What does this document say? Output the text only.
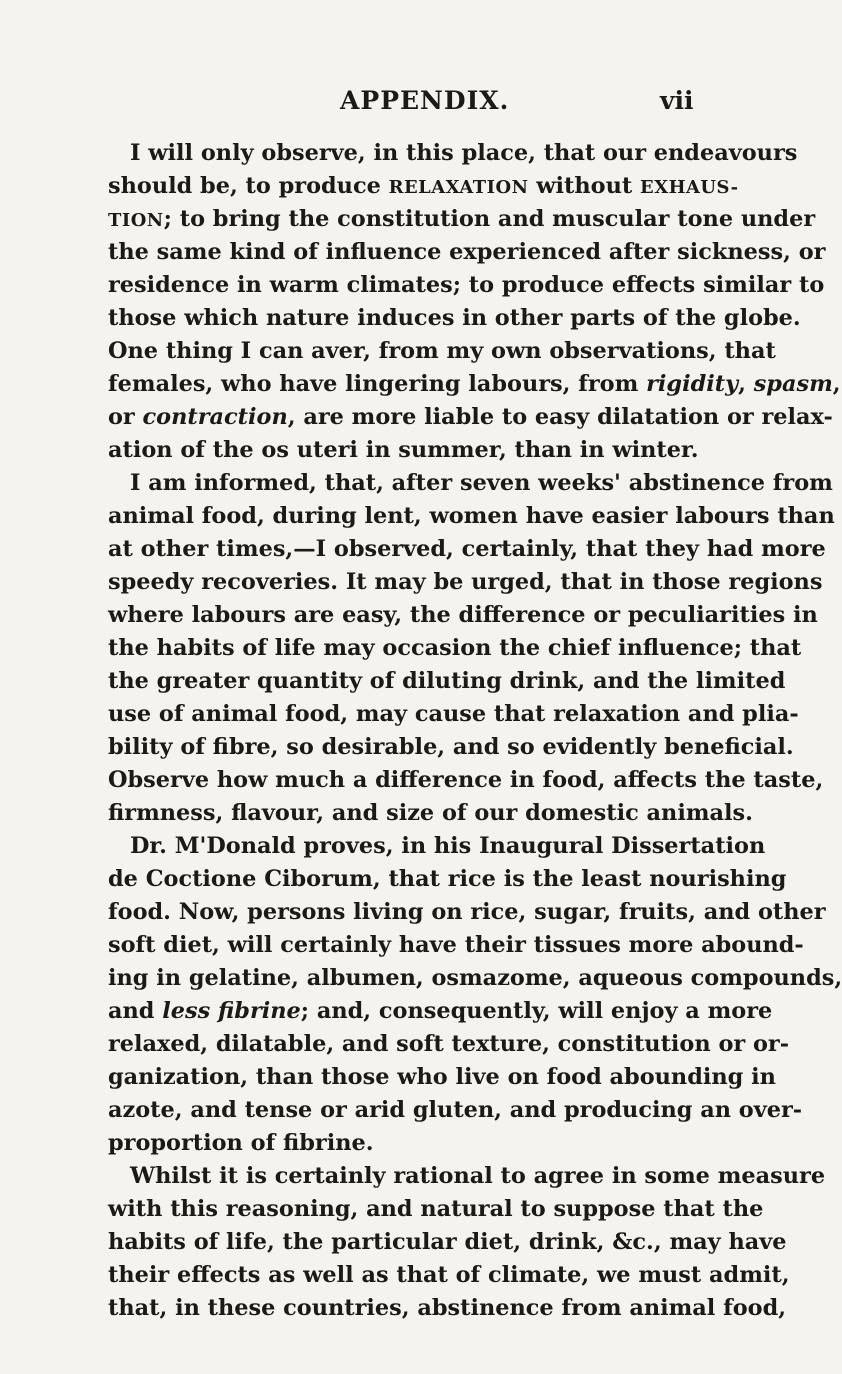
APPENDIX.	vii
I will only observe, in this place, that our endeavours
should be, to produce RELAXATION without EXHAUS-
TION; to bring the constitution and muscular tone under
the same kind of influence experienced after sickness, or
residence in warm climates; to produce effects similar to
those which nature induces in other parts of the globe.
One thing I can aver, from my own observations, that
females, who have lingering labours, from rigidity, spasm,
or contraction, are more liable to easy dilatation or relax-
ation of the os uteri in summer, than in winter.
I am informed, that, after seven weeks' abstinence from
animal food, during lent, women have easier labours than
at other times,—I observed, certainly, that they had more
speedy recoveries. It may be urged, that in those regions
where labours are easy, the difference or peculiarities in
the habits of life may occasion the chief influence; that
the greater quantity of diluting drink, and the limited
use of animal food, may cause that relaxation and plia-
bility of fibre, so desirable, and so evidently beneficial.
Observe how much a difference in food, affects the taste,
firmness, flavour, and size of our domestic animals.
Dr. M'Donald proves, in his Inaugural Dissertation
de Coctione Ciborum, that rice is the least nourishing
food. Now, persons living on rice, sugar, fruits, and other
soft diet, will certainly have their tissues more abound-
ing in gelatine, albumen, osmazome, aqueous compounds,
and less fibrine; and, consequently, will enjoy a more
relaxed, dilatable, and soft texture, constitution or or-
ganization, than those who live on food abounding in
azote, and tense or arid gluten, and producing an over-
proportion of fibrine.
Whilst it is certainly rational to agree in some measure
with this reasoning, and natural to suppose that the
habits of life, the particular diet, drink, &c., may have
their effects as well as that of climate, we must admit,
that, in these countries, abstinence from animal food,
